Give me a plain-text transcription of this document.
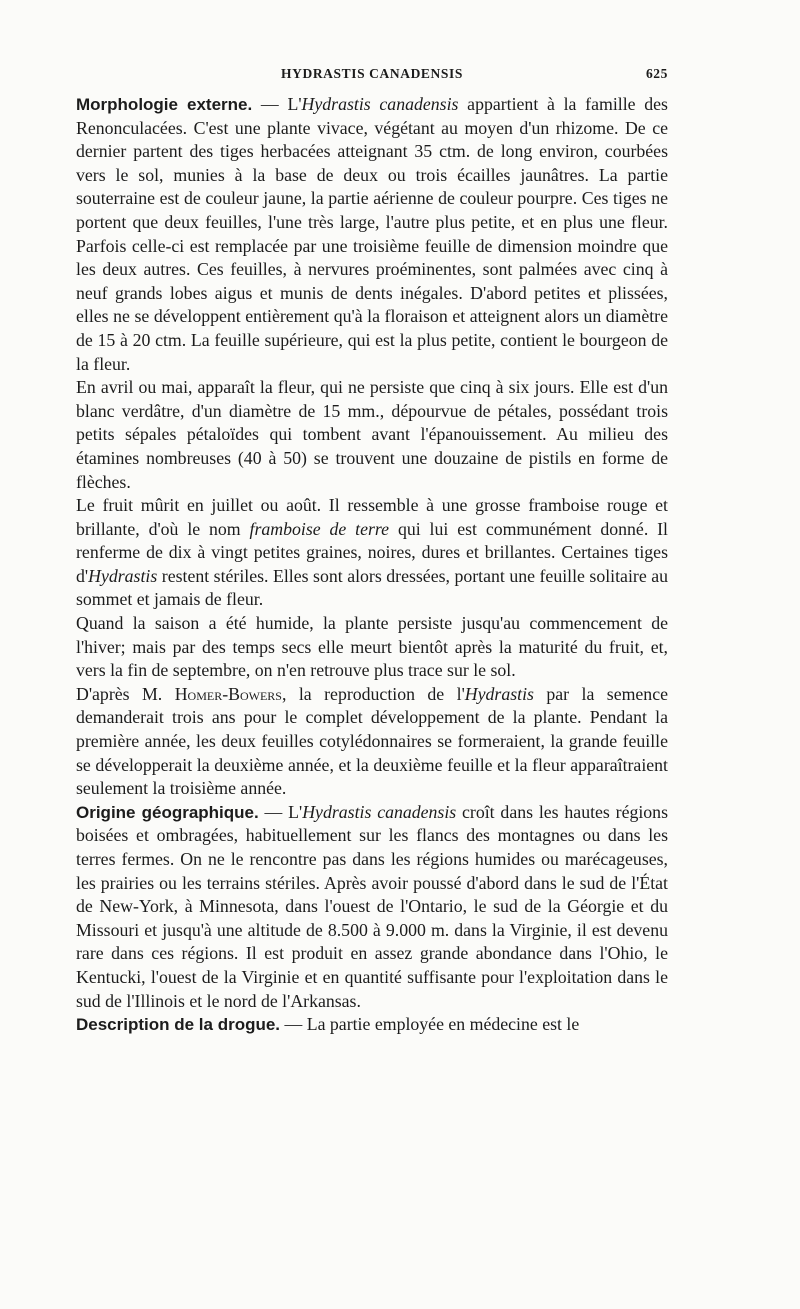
HYDRASTIS CANADENSIS	625

Morphologie externe. — L'Hydrastis canadensis appartient à la famille des Renonculacées. C'est une plante vivace, végétant au moyen d'un rhizome. De ce dernier partent des tiges herbacées atteignant 35 ctm. de long environ, courbées vers le sol, munies à la base de deux ou trois écailles jaunâtres. La partie souterraine est de couleur jaune, la partie aérienne de couleur pourpre. Ces tiges ne portent que deux feuilles, l'une très large, l'autre plus petite, et en plus une fleur. Parfois celle-ci est remplacée par une troisième feuille de dimension moindre que les deux autres. Ces feuilles, à nervures proéminentes, sont palmées avec cinq à neuf grands lobes aigus et munis de dents inégales. D'abord petites et plissées, elles ne se développent entièrement qu'à la floraison et atteignent alors un diamètre de 15 à 20 ctm. La feuille supérieure, qui est la plus petite, contient le bourgeon de la fleur.

En avril ou mai, apparaît la fleur, qui ne persiste que cinq à six jours. Elle est d'un blanc verdâtre, d'un diamètre de 15 mm., dépourvue de pétales, possédant trois petits sépales pétaloïdes qui tombent avant l'épanouissement. Au milieu des étamines nombreuses (40 à 50) se trouvent une douzaine de pistils en forme de flèches.

Le fruit mûrit en juillet ou août. Il ressemble à une grosse framboise rouge et brillante, d'où le nom framboise de terre qui lui est communément donné. Il renferme de dix à vingt petites graines, noires, dures et brillantes. Certaines tiges d'Hydrastis restent stériles. Elles sont alors dressées, portant une feuille solitaire au sommet et jamais de fleur.

Quand la saison a été humide, la plante persiste jusqu'au commencement de l'hiver; mais par des temps secs elle meurt bientôt après la maturité du fruit, et, vers la fin de septembre, on n'en retrouve plus trace sur le sol.

D'après M. Homer-Bowers, la reproduction de l'Hydrastis par la semence demanderait trois ans pour le complet développement de la plante. Pendant la première année, les deux feuilles cotylédonnaires se formeraient, la grande feuille se développerait la deuxième année, et la deuxième feuille et la fleur apparaîtraient seulement la troisième année.

Origine géographique. — L'Hydrastis canadensis croît dans les hautes régions boisées et ombragées, habituellement sur les flancs des montagnes ou dans les terres fermes. On ne le rencontre pas dans les régions humides ou marécageuses, les prairies ou les terrains stériles. Après avoir poussé d'abord dans le sud de l'État de New-York, à Minnesota, dans l'ouest de l'Ontario, le sud de la Géorgie et du Missouri et jusqu'à une altitude de 8.500 à 9.000 m. dans la Virginie, il est devenu rare dans ces régions. Il est produit en assez grande abondance dans l'Ohio, le Kentucki, l'ouest de la Virginie et en quantité suffisante pour l'exploitation dans le sud de l'Illinois et le nord de l'Arkansas.

Description de la drogue. — La partie employée en médecine est le
